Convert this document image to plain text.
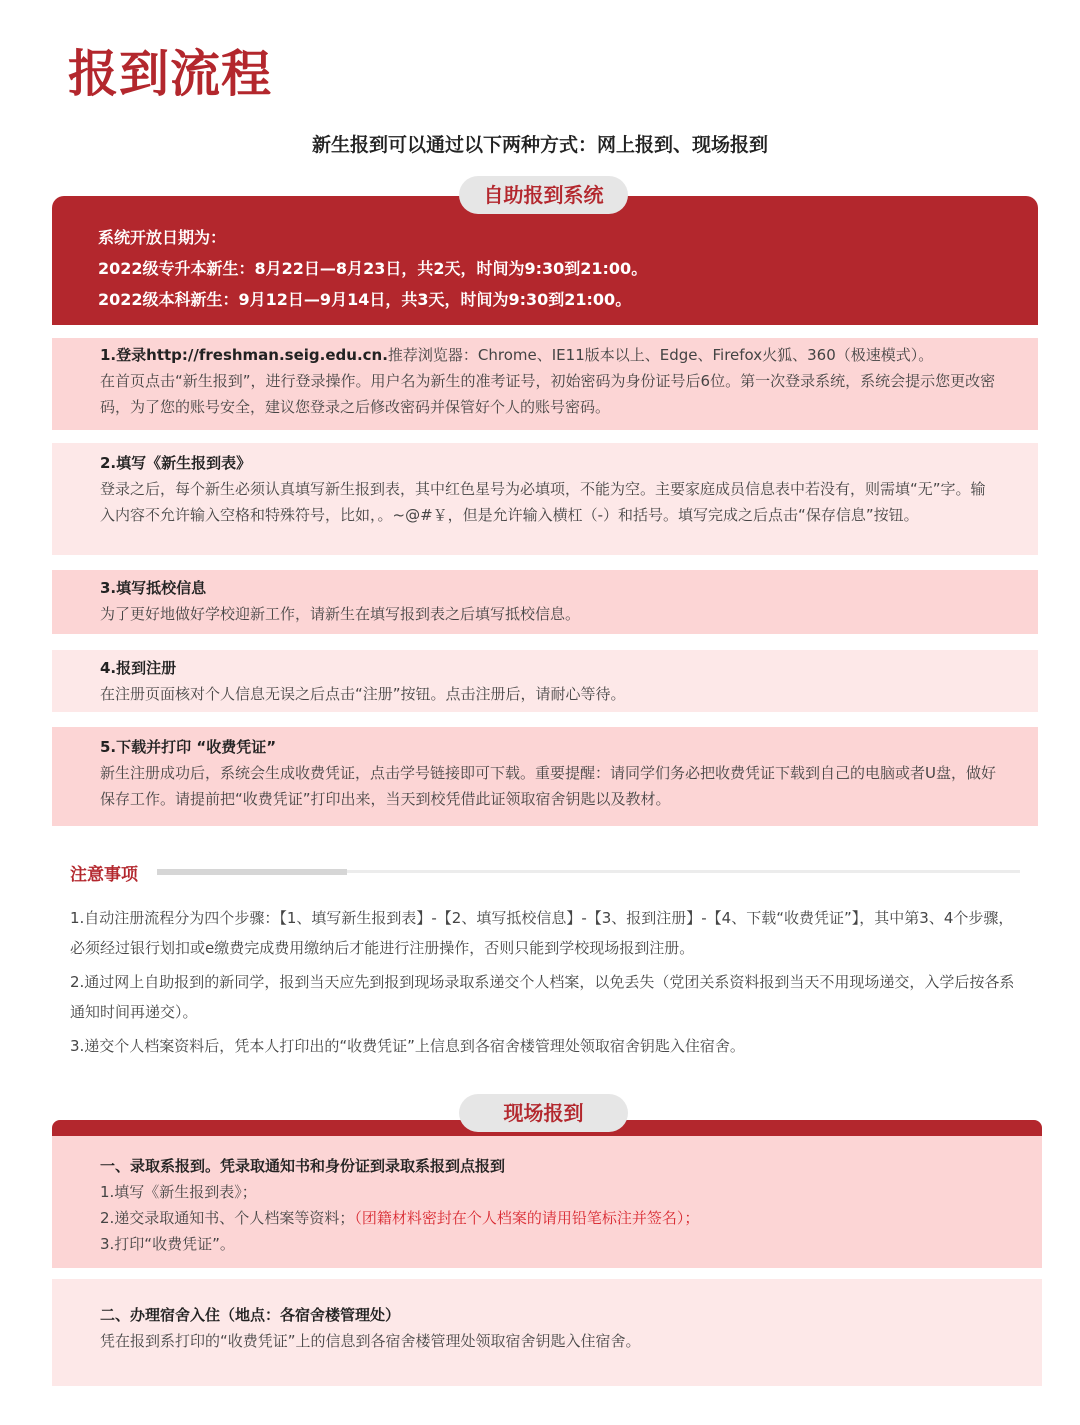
报到流程
新生报到可以通过以下两种方式：网上报到、现场报到
自助报到系统
系统开放日期为：
2022级专升本新生：8月22日—8月23日，共2天，时间为9:30到21:00。
2022级本科新生：9月12日—9月14日，共3天，时间为9:30到21:00。
1.登录http://freshman.seig.edu.cn.推荐浏览器：Chrome、IE11版本以上、Edge、Firefox火狐、360（极速模式）。
在首页点击“新生报到”，进行登录操作。用户名为新生的准考证号，初始密码为身份证号后6位。第一次登录系统，系统会提示您更改密码，为了您的账号安全，建议您登录之后修改密码并保管好个人的账号密码。
2.填写《新生报到表》
登录之后，每个新生必须认真填写新生报到表，其中红色星号为必填项，不能为空。主要家庭成员信息表中若没有，则需填“无”字。输入内容不允许输入空格和特殊符号，比如，。~@#￥，但是允许输入横杠（-）和括号。填写完成之后点击“保存信息”按钮。
3.填写抵校信息
为了更好地做好学校迎新工作，请新生在填写报到表之后填写抵校信息。
4.报到注册
在注册页面核对个人信息无误之后点击“注册”按钮。点击注册后，请耐心等待。
5.下载并打印 “收费凭证”
新生注册成功后，系统会生成收费凭证，点击学号链接即可下载。重要提醒：请同学们务必把收费凭证下载到自己的电脑或者U盘，做好保存工作。请提前把“收费凭证”打印出来，当天到校凭借此证领取宿舍钥匙以及教材。
注意事项

1.自动注册流程分为四个步骤：【1、填写新生报到表】-【2、填写抵校信息】-【3、报到注册】-【4、下载“收费凭证”】，其中第3、4个步骤，必须经过银行划扣或e缴费完成费用缴纳后才能进行注册操作，否则只能到学校现场报到注册。

2.通过网上自助报到的新同学，报到当天应先到报到现场录取系递交个人档案，以免丢失（党团关系资料报到当天不用现场递交，入学后按各系通知时间再递交）。

3.递交个人档案资料后，凭本人打印出的“收费凭证”上信息到各宿舍楼管理处领取宿舍钥匙入住宿舍。

现场报到
一、录取系报到。凭录取通知书和身份证到录取系报到点报到
1.填写《新生报到表》；
2.递交录取通知书、个人档案等资料；（团籍材料密封在个人档案的请用铅笔标注并签名）；
3.打印“收费凭证”。
二、办理宿舍入住（地点：各宿舍楼管理处）
凭在报到系打印的“收费凭证”上的信息到各宿舍楼管理处领取宿舍钥匙入住宿舍。
